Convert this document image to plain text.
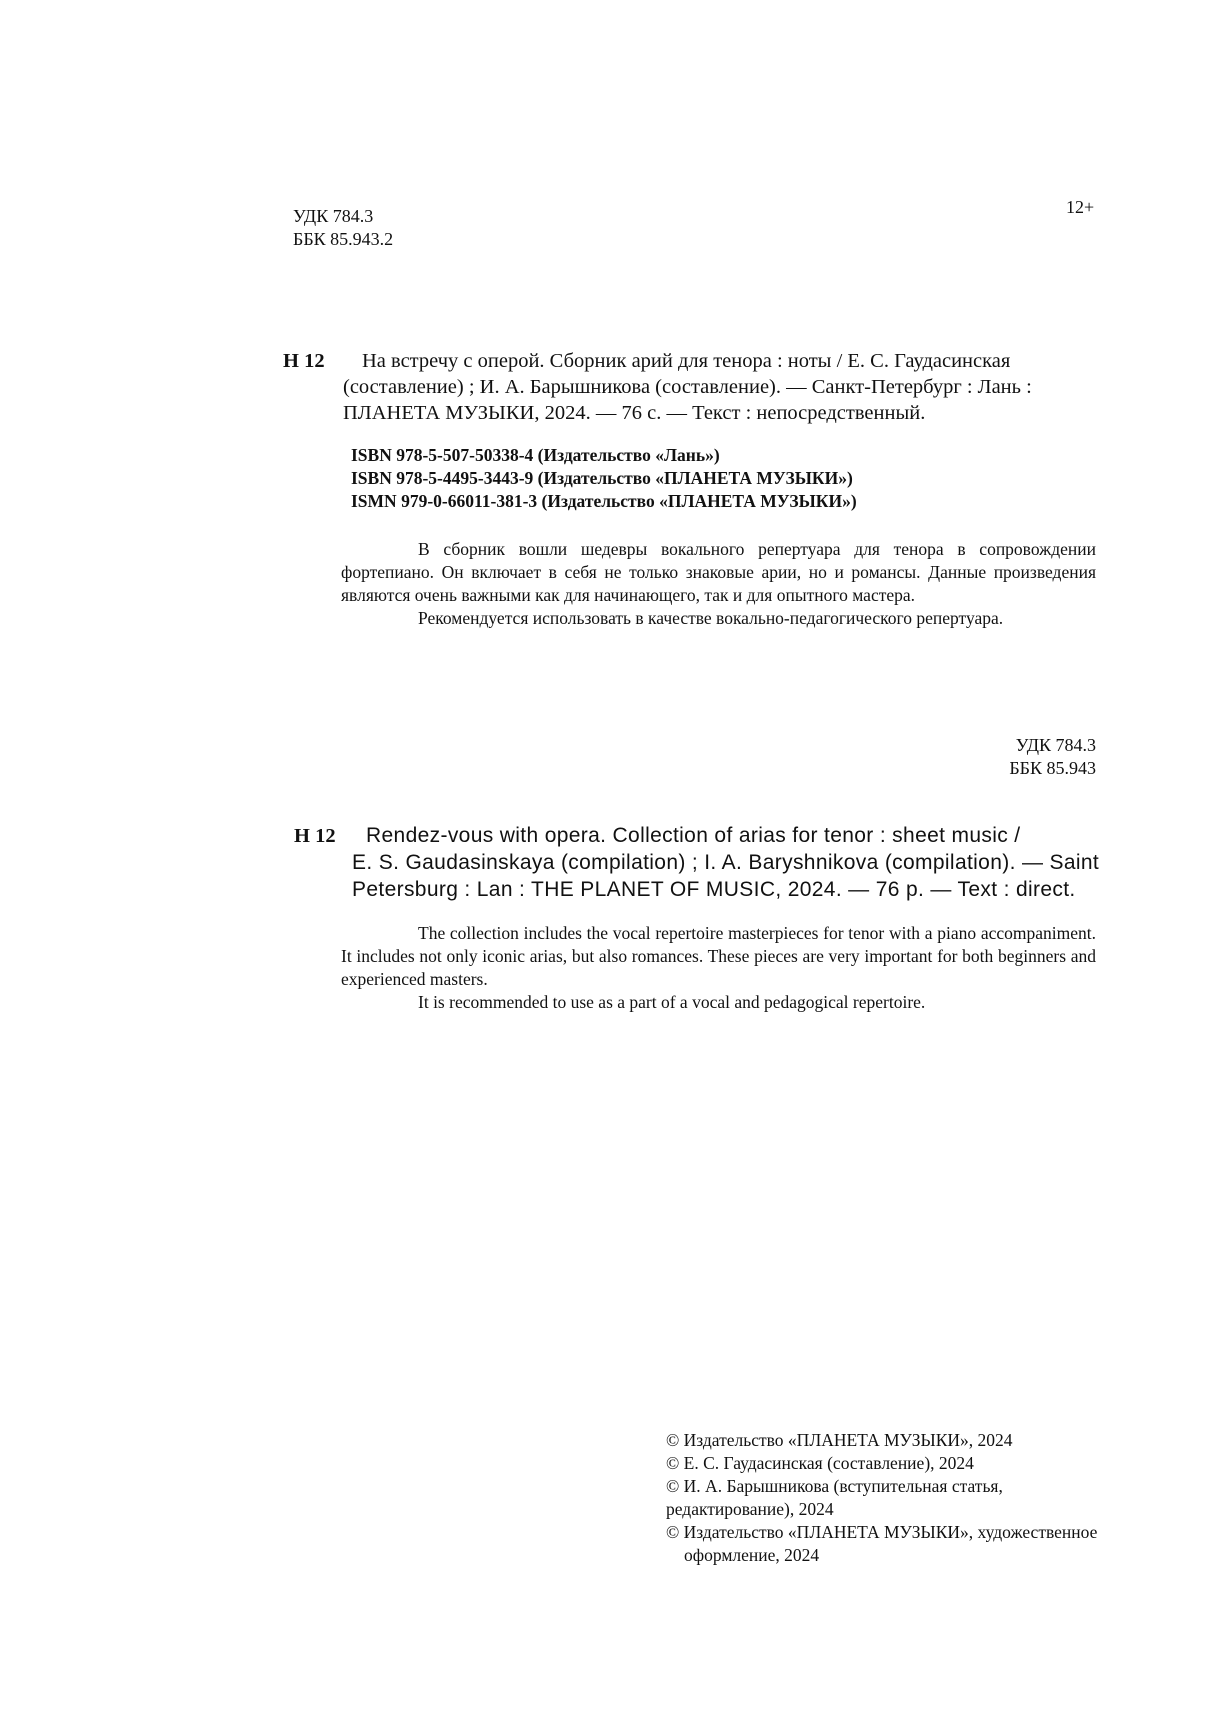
УДК 784.3
ББК 85.943.2
12+
Н 12 На встречу с оперой. Сборник арий для тенора : ноты / Е. С. Гаудасинская
(составление) ; И. А. Барышникова (составление). — Санкт-Петербург : Лань :
ПЛАНЕТА МУЗЫКИ, 2024. — 76 с. — Текст : непосредственный.
ISBN 978-5-507-50338-4 (Издательство «Лань»)
ISBN 978-5-4495-3443-9 (Издательство «ПЛАНЕТА МУЗЫКИ»)
ISMN 979-0-66011-381-3 (Издательство «ПЛАНЕТА МУЗЫКИ»)
В сборник вошли шедевры вокального репертуара для тенора в сопровождении фортепиано. Он включает в себя не только знаковые арии, но и романсы. Данные произведения являются очень важными как для начинающего, так и для опытного мастера.
Рекомендуется использовать в качестве вокально-педагогического репертуара.
УДК 784.3
ББК 85.943
Н 12 Rendez-vous with opera. Collection of arias for tenor : sheet music /
E. S. Gaudasinskaya (compilation) ; I. A. Baryshnikova (compilation). — Saint
Petersburg : Lan : THE PLANET OF MUSIC, 2024. — 76 p. — Text : direct.
The collection includes the vocal repertoire masterpieces for tenor with a piano accompaniment. It includes not only iconic arias, but also romances. These pieces are very important for both beginners and experienced masters.
It is recommended to use as a part of a vocal and pedagogical repertoire.
© Издательство «ПЛАНЕТА МУЗЫКИ», 2024
© Е. С. Гаудасинская (составление), 2024
© И. А. Барышникова (вступительная статья,
редактирование), 2024
© Издательство «ПЛАНЕТА МУЗЫКИ», художественное
оформление, 2024
